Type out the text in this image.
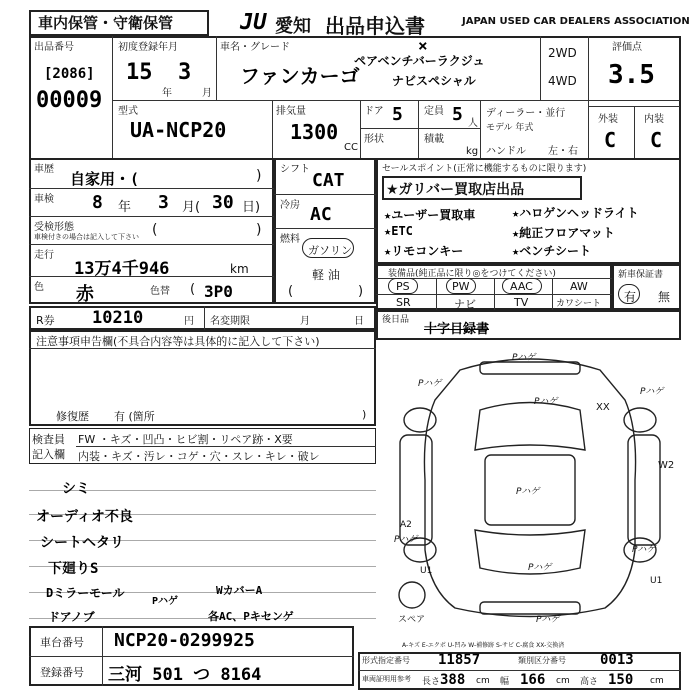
車内保管・守衛保管	JU 愛知 出品申込書	JAPAN USED CAR DEALERS ASSOCIATION
出品番号
[2086]
00009
初度登録年月
15
年
3
月
車名・グレード
ファンカーゴ
×
ペアベンチバーラクジュ
ナビスペシャル
2WD
4WD
評価点
3.5
外装	内装
C C
型式
UA-NCP20
排気量
1300
CC
ドア 5 定員 5 人
ディーラー・並行
形状	積載
kg
モデル 年式
ハンドル 左・右
車歴
自家用・(	)
車検 8 年 3 月( 30 日)
受検形態
車検付きの場合は記入して下さい (	)
走行
13万4千946	km
色 赤	色替 ( 3P0
シフト
CAT
冷房 AC
燃料
ガソリン
軽 油
(	)
セールスポイント(正常に機能するものに限ります)
★ガリバー買取店出品
★ユーザー買取車	★ハロゲンヘッドライト
★ETC	★純正フロアマット
★リモコンキー	★ベンチシート
装備品(純正品に限り◎をつけてください)
PS	PW	AAC	AW
SR	ナビ	TV	カワシート
新車保証書
有 無
R券 10210	円 名変期限	月	日 後日品
十字目録書
注意事項申告欄(不具合内容等は具体的に記入して下さい)
修復歴 有 (箇所	)
検査員記入欄
FW ・キズ・凹凸・ヒビ割・リペア跡・X要
内装・キズ・汚レ・コゲ・穴・スレ・キレ・破レ
シミ
オーディオ不良
シートヘタリ
下廻りS
Dミラーモール
ドアノブ
Pハゲ
WカバーA
各AC、Pキセンゲ
車台番号 NCP20-0299925
登録番号 三河 501 つ 8164
形式指定番号 11857	類別区分番号 0013
車両証明用参考 長さ 388 cm 幅 166 cm 高さ 150 cm
Pハゲ
Pハゲ
Pハゲ	XX
W2
Pハゲ
A2
U1
U1
Pハゲ
Pハゲ
Pハゲ
Pハゲ
Pハゲ
スペア
A-キズ E-エクボ U-凹み W-補修跡 S-サビ C-腐食 XX-交換済
